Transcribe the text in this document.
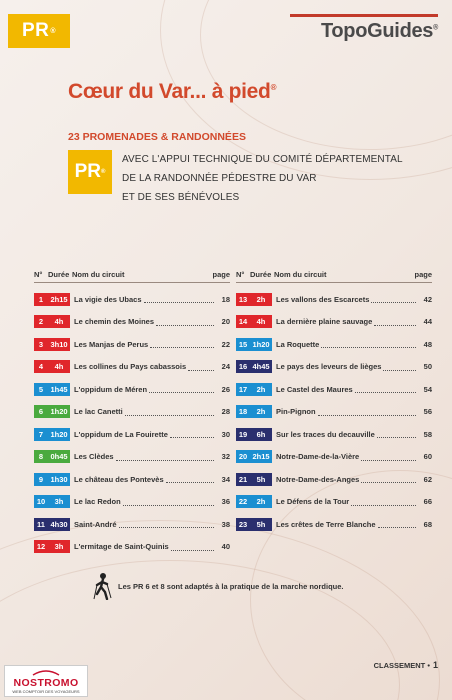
PR ®	TopoGuides®
Cœur du Var... à pied®
23 PROMENADES & RANDONNÉES
PR ®
AVEC L'APPUI TECHNIQUE DU COMITÉ DÉPARTEMENTAL
DE LA RANDONNÉE PÉDESTRE DU VAR
ET DE SES BÉNÉVOLES
N° Durée Nom du circuit	page
1 2h15 La vigie des Ubacs	18
2	4h	Le chemin des Moines	20
3 3h10 Les Manjas de Perus	22
4	4h	Les collines du Pays cabassois	24
5 1h45 L'oppidum de Méren	26
6 1h20 Le lac Canetti	28
7 1h20 L'oppidum de La Fouirette	30
8 0h45 Les Clèdes	32
9 1h30 Le château des Pontevès	34
10	3h	Le lac Redon	36
11 4h30 Saint-André	38
12	3h	L'ermitage de Saint-Quinis	40
N° Durée Nom du circuit	page
13	2h	Les vallons des Escarcets	42
14	4h	La dernière plaine sauvage	44
15 1h20 La Roquette	48
16 4h45 Le pays des leveurs de lièges	50
17	2h	Le Castel des Maures	54
18	2h	Pin-Pignon	56
19	6h	Sur les traces du decauville	58
20 2h15 Notre-Dame-de-la-Vière	60
21	5h	Notre-Dame-des-Anges	62
22	2h	Le Défens de la Tour	66
23	5h	Les crêtes de Terre Blanche	68
Les PR 6 et 8 sont adaptés à la pratique de la marche nordique.
CLASSEMENT • 1
NOSTROMO
WEB COMPTOIR DES VOYAGEURS
